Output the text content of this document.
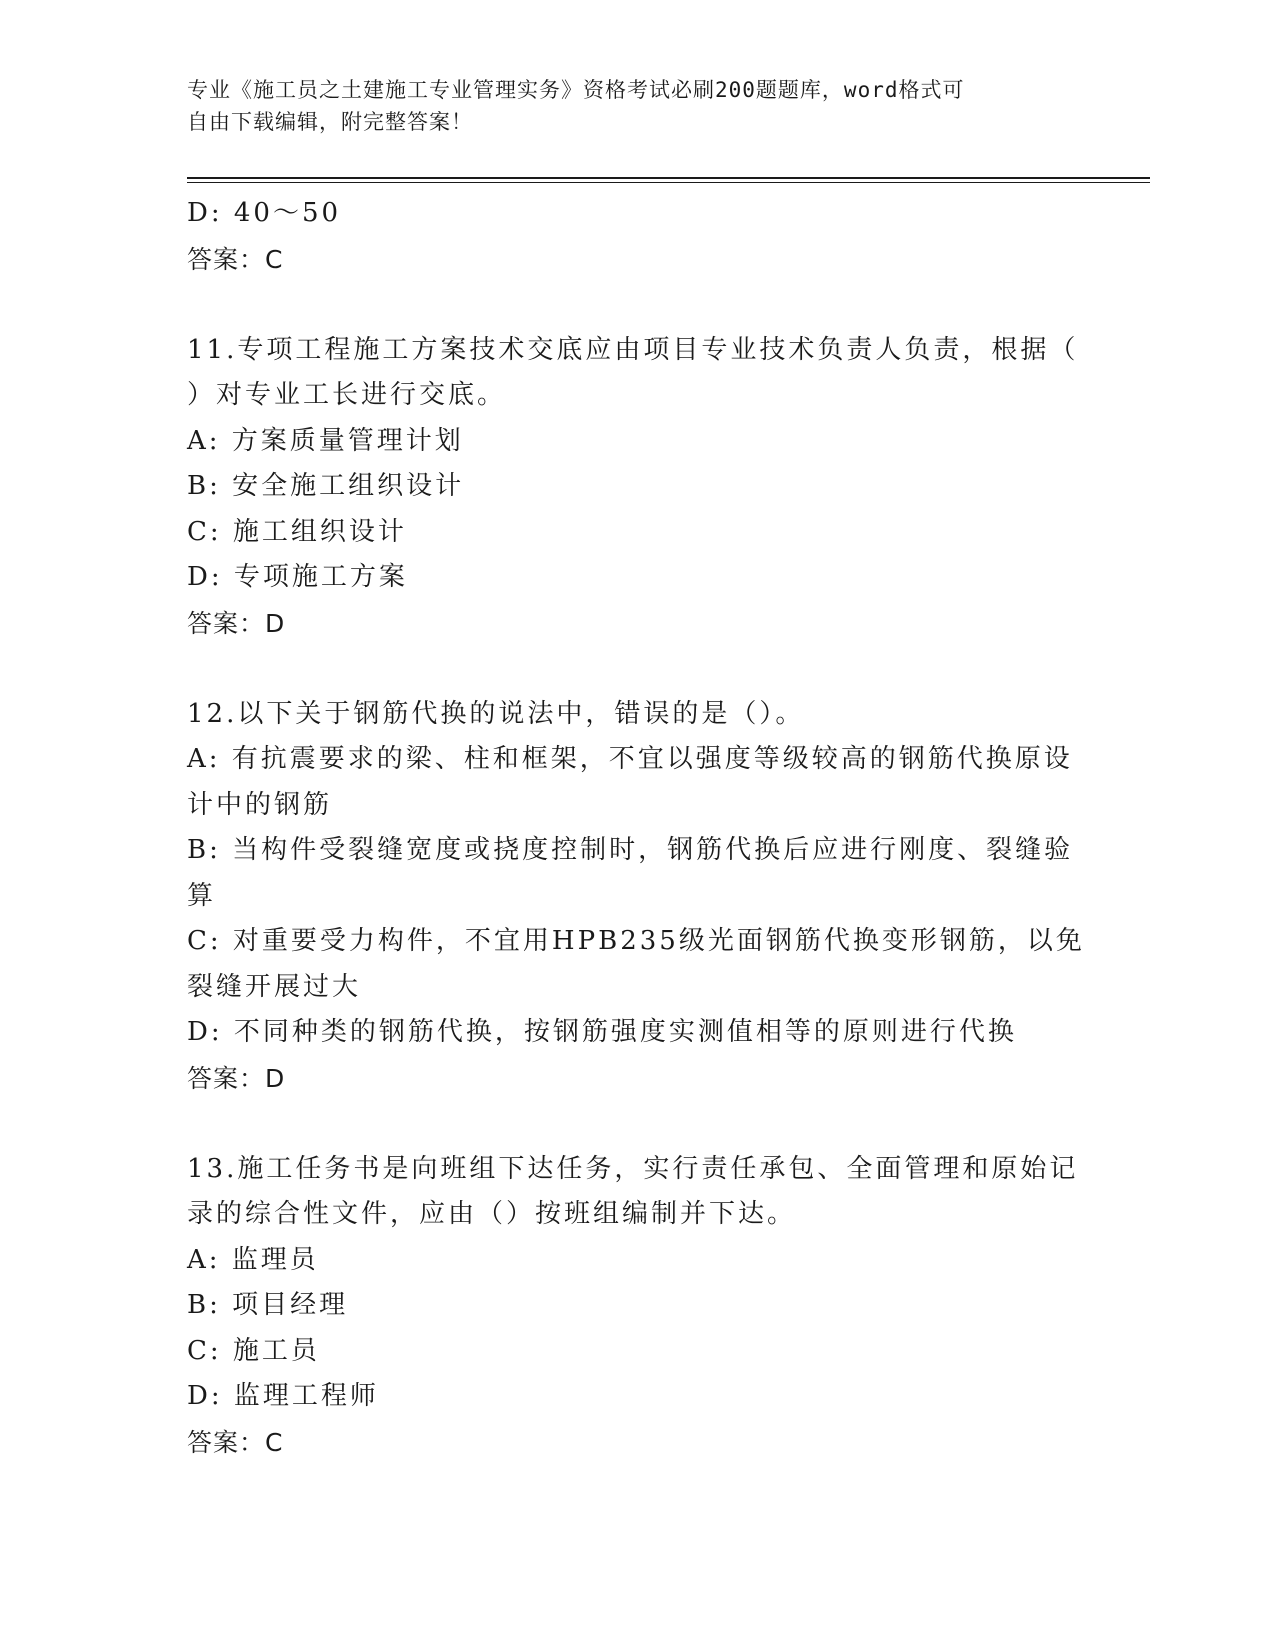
专业《施工员之土建施工专业管理实务》资格考试必刷200题题库，word格式可
自由下载编辑，附完整答案！
D: 40～50
答案：C
11.专项工程施工方案技术交底应由项目专业技术负责人负责，根据（
）对专业工长进行交底。
A: 方案质量管理计划
B: 安全施工组织设计
C: 施工组织设计
D: 专项施工方案
答案：D
12.以下关于钢筋代换的说法中，错误的是（）。
A: 有抗震要求的梁、柱和框架，不宜以强度等级较高的钢筋代换原设
计中的钢筋
B: 当构件受裂缝宽度或挠度控制时，钢筋代换后应进行刚度、裂缝验
算
C: 对重要受力构件，不宜用HPB235级光面钢筋代换变形钢筋，以免
裂缝开展过大
D: 不同种类的钢筋代换，按钢筋强度实测值相等的原则进行代换
答案：D
13.施工任务书是向班组下达任务，实行责任承包、全面管理和原始记
录的综合性文件，应由（）按班组编制并下达。
A: 监理员
B: 项目经理
C: 施工员
D: 监理工程师
答案：C
